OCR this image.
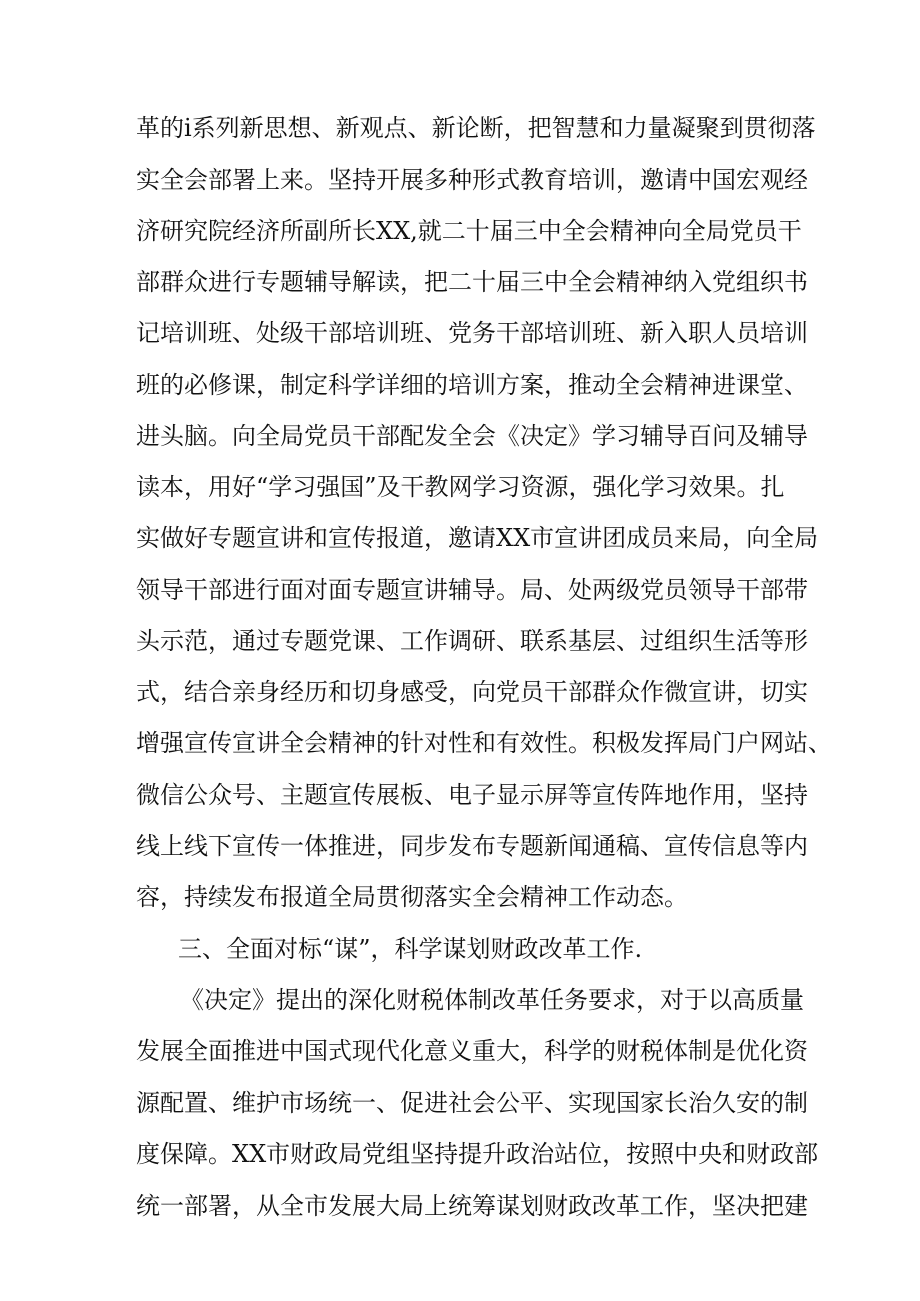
革的i系列新思想、新观点、新论断，把智慧和力量凝聚到贯彻落
实全会部署上来。坚持开展多种形式教育培训，邀请中国宏观经
济研究院经济所副所长XX,就二十届三中全会精神向全局党员干
部群众进行专题辅导解读，把二十届三中全会精神纳入党组织书
记培训班、处级干部培训班、党务干部培训班、新入职人员培训
班的必修课，制定科学详细的培训方案，推动全会精神进课堂、
进头脑。向全局党员干部配发全会《决定》学习辅导百问及辅导
读本，用好“学习强国”及干教网学习资源，强化学习效果。扎
实做好专题宣讲和宣传报道，邀请XX市宣讲团成员来局，向全局
领导干部进行面对面专题宣讲辅导。局、处两级党员领导干部带
头示范，通过专题党课、工作调研、联系基层、过组织生活等形
式，结合亲身经历和切身感受，向党员干部群众作微宣讲，切实
增强宣传宣讲全会精神的针对性和有效性。积极发挥局门户网站、
微信公众号、主题宣传展板、电子显示屏等宣传阵地作用，坚持
线上线下宣传一体推进，同步发布专题新闻通稿、宣传信息等内
容，持续发布报道全局贯彻落实全会精神工作动态。
三、全面对标“谋”，科学谋划财政改革工作.
《决定》提出的深化财税体制改革任务要求，对于以高质量
发展全面推进中国式现代化意义重大，科学的财税体制是优化资
源配置、维护市场统一、促进社会公平、实现国家长治久安的制
度保障。XX市财政局党组坚持提升政治站位，按照中央和财政部
统一部署，从全市发展大局上统筹谋划财政改革工作，坚决把建
